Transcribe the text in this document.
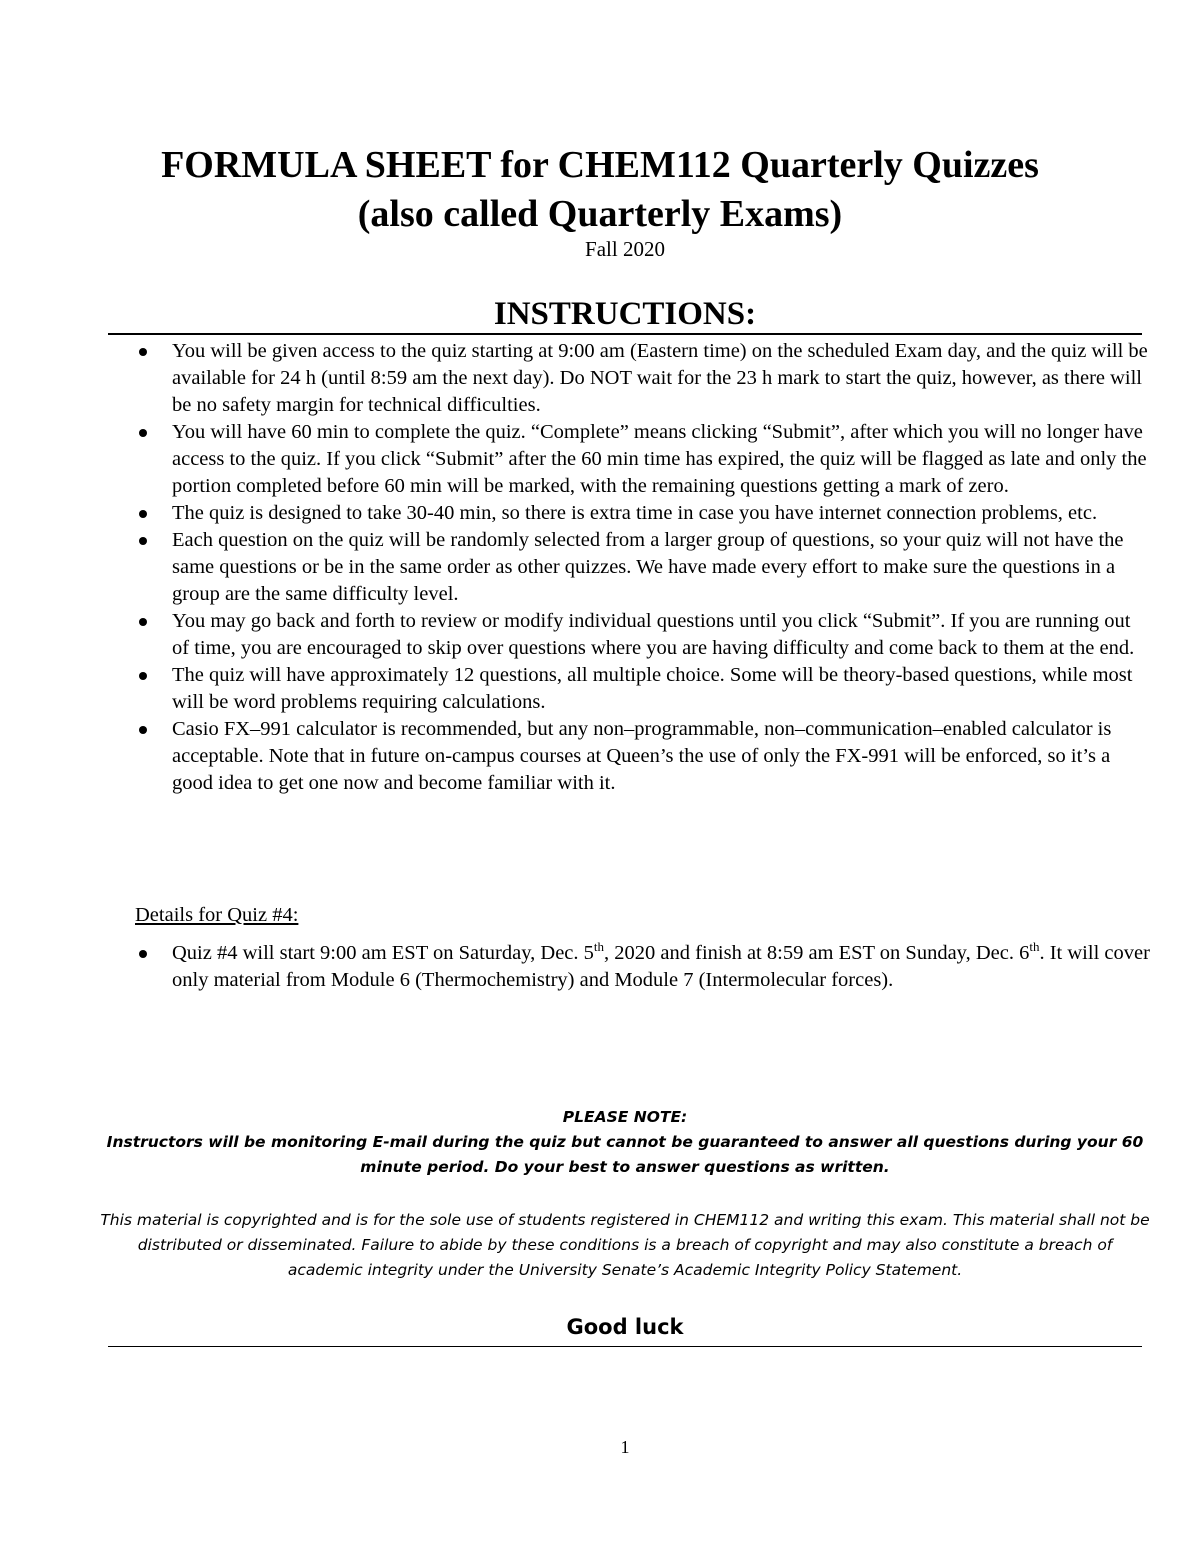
FORMULA SHEET for CHEM112 Quarterly Quizzes
(also called Quarterly Exams)
Fall 2020
INSTRUCTIONS:
You will be given access to the quiz starting at 9:00 am (Eastern time) on the scheduled Exam day, and the quiz will be available for 24 h (until 8:59 am the next day). Do NOT wait for the 23 h mark to start the quiz, however, as there will be no safety margin for technical difficulties.
You will have 60 min to complete the quiz. “Complete” means clicking “Submit”, after which you will no longer have access to the quiz. If you click “Submit” after the 60 min time has expired, the quiz will be flagged as late and only the portion completed before 60 min will be marked, with the remaining questions getting a mark of zero.
The quiz is designed to take 30-40 min, so there is extra time in case you have internet connection problems, etc.
Each question on the quiz will be randomly selected from a larger group of questions, so your quiz will not have the same questions or be in the same order as other quizzes. We have made every effort to make sure the questions in a group are the same difficulty level.
You may go back and forth to review or modify individual questions until you click “Submit”. If you are running out of time, you are encouraged to skip over questions where you are having difficulty and come back to them at the end.
The quiz will have approximately 12 questions, all multiple choice. Some will be theory-based questions, while most will be word problems requiring calculations.
Casio FX–991 calculator is recommended, but any non–programmable, non–communication–enabled calculator is acceptable. Note that in future on-campus courses at Queen’s the use of only the FX-991 will be enforced, so it’s a good idea to get one now and become familiar with it.
Details for Quiz #4:
Quiz #4 will start 9:00 am EST on Saturday, Dec. 5th, 2020 and finish at 8:59 am EST on Sunday, Dec. 6th. It will cover only material from Module 6 (Thermochemistry) and Module 7 (Intermolecular forces).
PLEASE NOTE:
Instructors will be monitoring E-mail during the quiz but cannot be guaranteed to answer all questions during your 60 minute period. Do your best to answer questions as written.
This material is copyrighted and is for the sole use of students registered in CHEM112 and writing this exam. This material shall not be distributed or disseminated. Failure to abide by these conditions is a breach of copyright and may also constitute a breach of academic integrity under the University Senate’s Academic Integrity Policy Statement.
Good luck
1
